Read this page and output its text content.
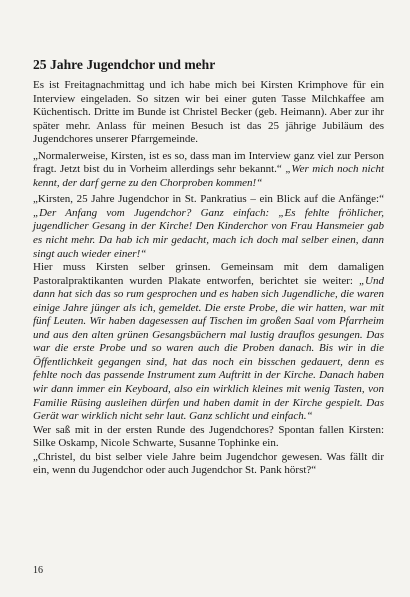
25 Jahre Jugendchor und mehr

Es ist Freitagnachmittag und ich habe mich bei Kirsten Krimphove für ein Interview eingeladen. So sitzen wir bei einer guten Tasse Milchkaffee am Küchentisch. Dritte im Bunde ist Christel Becker (geb. Heimann). Aber zur ihr später mehr. Anlass für meinen Besuch ist das 25 jährige Jubiläum des Jugendchores unserer Pfarrgemeinde.

„Normalerweise, Kirsten, ist es so, dass man im Interview ganz viel zur Person fragt. Jetzt bist du in Vorheim allerdings sehr bekannt.“ „Wer mich noch nicht kennt, der darf gerne zu den Chorproben kommen!“

„Kirsten, 25 Jahre Jugendchor in St. Pankratius – ein Blick auf die Anfänge:“ „Der Anfang vom Jugendchor? Ganz einfach: „Es fehlte fröhlicher, jugendlicher Gesang in der Kirche! Den Kinderchor von Frau Hansmeier gab es nicht mehr. Da hab ich mir gedacht, mach ich doch mal selber einen, dann singt auch wieder einer!“

Hier muss Kirsten selber grinsen. Gemeinsam mit dem damaligen Pastoralpraktikanten wurden Plakate entworfen, berichtet sie weiter: „Und dann hat sich das so rum gesprochen und es haben sich Jugendliche, die waren einige Jahre jünger als ich, gemeldet. Die erste Probe, die wir hatten, war mit fünf Leuten. Wir haben dagesessen auf Tischen im großen Saal vom Pfarrheim und aus den alten grünen Gesangsbüchern mal lustig drauflos gesungen. Das war die erste Probe und so waren auch die Proben danach. Bis wir in die Öffentlichkeit gegangen sind, hat das noch ein bisschen gedauert, denn es fehlte noch das passende Instrument zum Auftritt in der Kirche. Danach haben wir dann immer ein Keyboard, also ein wirklich kleines mit wenig Tasten, von Familie Rüsing ausleihen dürfen und haben damit in der Kirche gespielt. Das Gerät war wirklich nicht sehr laut. Ganz schlicht und einfach.“

Wer saß mit in der ersten Runde des Jugendchores? Spontan fallen Kirsten: Silke Oskamp, Nicole Schwarte, Susanne Tophinke ein.

„Christel, du bist selber viele Jahre beim Jugendchor gewesen. Was fällt dir ein, wenn du Jugendchor oder auch Jugendchor St. Pank hörst?“

16
